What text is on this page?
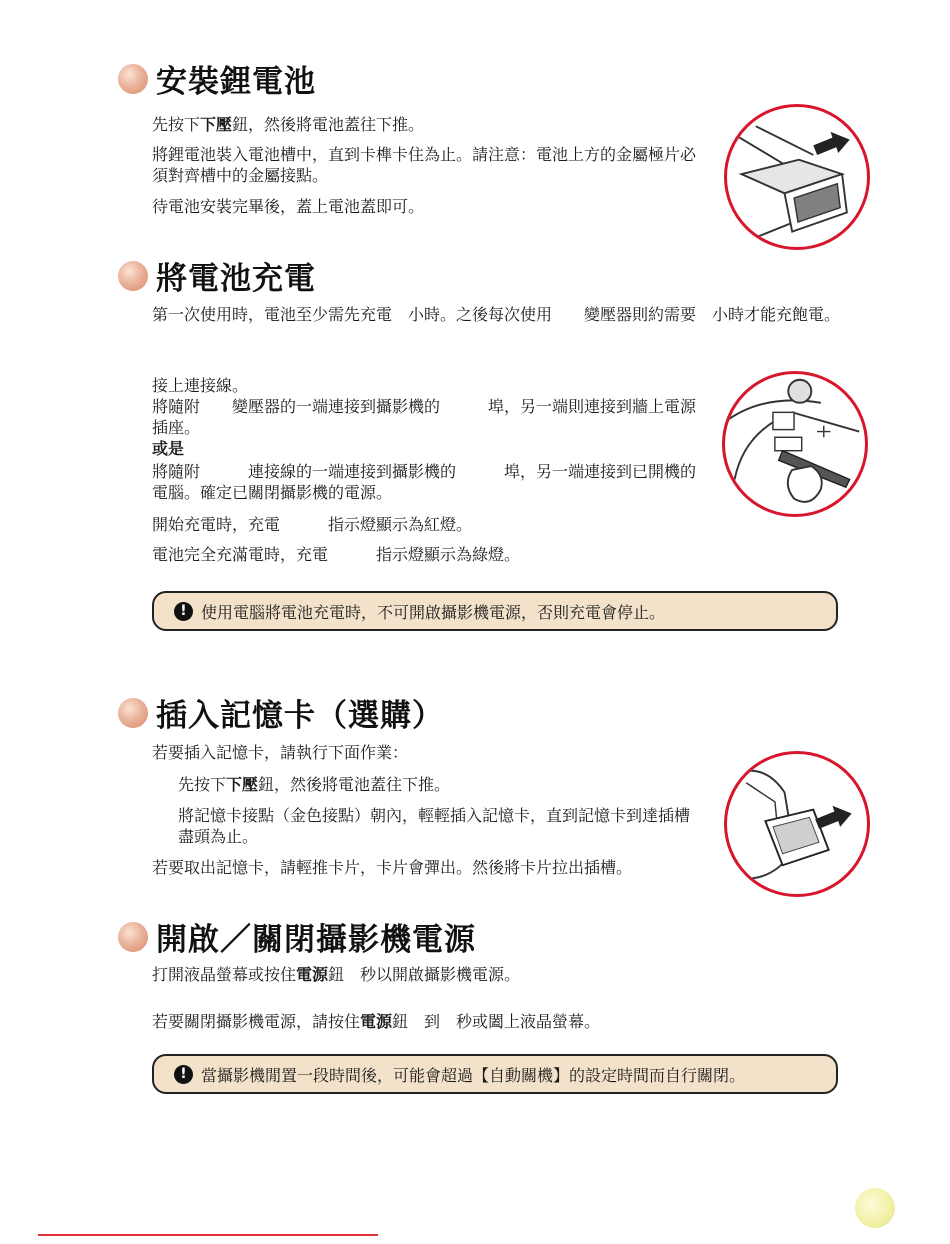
安裝鋰電池
先按下下壓鈕，然後將電池蓋往下推。
將鋰電池裝入電池槽中，直到卡榫卡住為止。請注意：電池上方的金屬極片必須對齊槽中的金屬接點。
待電池安裝完畢後，蓋上電池蓋即可。
將電池充電
第一次使用時，電池至少需先充電　小時。之後每次使用　　變壓器則約需要　小時才能充飽電。
接上連接線。
將隨附　　變壓器的一端連接到攝影機的　　　埠，另一端則連接到牆上電源插座。
或是
將隨附　　　連接線的一端連接到攝影機的　　　埠，另一端連接到已開機的電腦。確定已關閉攝影機的電源。
開始充電時，充電　　　指示燈顯示為紅燈。
電池完全充滿電時，充電　　　指示燈顯示為綠燈。
! 使用電腦將電池充電時，不可開啟攝影機電源，否則充電會停止。
插入記憶卡（選購）
若要插入記憶卡，請執行下面作業：
先按下下壓鈕，然後將電池蓋往下推。
將記憶卡接點（金色接點）朝內，輕輕插入記憶卡，直到記憶卡到達插槽盡頭為止。
若要取出記憶卡，請輕推卡片，卡片會彈出。然後將卡片拉出插槽。
開啟／關閉攝影機電源
打開液晶螢幕或按住電源鈕　秒以開啟攝影機電源。
若要關閉攝影機電源，請按住電源鈕　到　秒或闔上液晶螢幕。
! 當攝影機閒置一段時間後，可能會超過【自動關機】的設定時間而自行關閉。
